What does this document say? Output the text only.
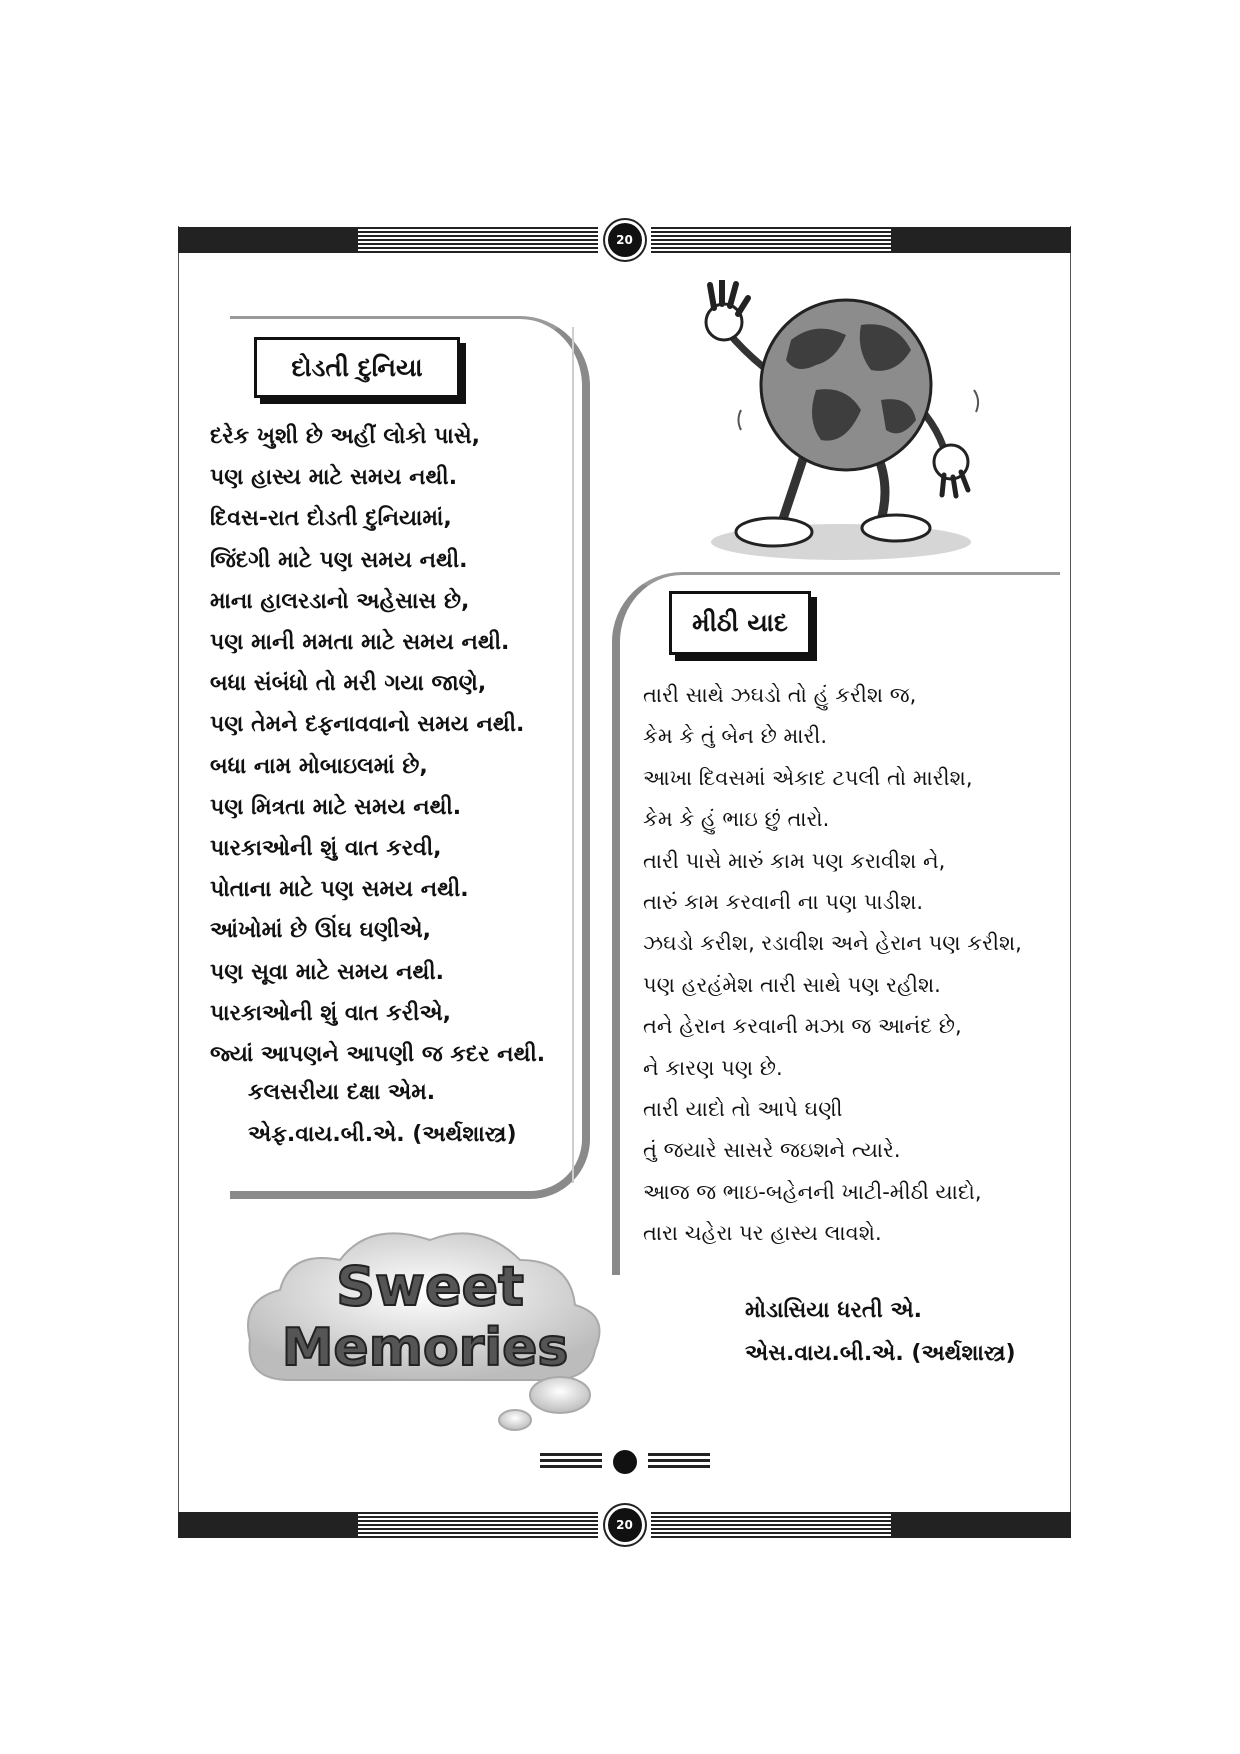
20
દોડતી દુનિયા
દરેક ખુશી છે અહીં લોકો પાસે,
પણ હાસ્ય માટે સમય નથી.
દિવસ-રાત દોડતી દુનિયામાં,
જિંદગી માટે પણ સમય નથી.
માના હાલરડાનો અહેસાસ છે,
પણ માની મમતા માટે સમય નથી.
બધા સંબંધો તો મરી ગયા જાણે,
પણ તેમને દફનાવવાનો સમય નથી.
બધા નામ મોબાઇલમાં છે,
પણ મિત્રતા માટે સમય નથી.
પારકાઓની શું વાત કરવી,
પોતાના માટે પણ સમય નથી.
આંખોમાં છે ઊંઘ ઘણીએ,
પણ સૂવા માટે સમય નથી.
પારકાઓની શું વાત કરીએ,
જ્યાં આપણને આપણી જ કદર નથી.
કલસરીયા દક્ષા એમ.
એફ.વાય.બી.એ. (અર્થશાસ્ત્ર)
મીઠી યાદ
તારી સાથે ઝઘડો તો હું કરીશ જ,
કેમ કે તું બેન છે મારી.
આખા દિવસમાં એકાદ ટપલી તો મારીશ,
કેમ કે હું ભાઇ છું તારો.
તારી પાસે મારું કામ પણ કરાવીશ ને,
તારું કામ કરવાની ના પણ પાડીશ.
ઝઘડો કરીશ, રડાવીશ અને હેરાન પણ કરીશ,
પણ હરહંમેશ તારી સાથે પણ રહીશ.
તને હેરાન કરવાની મઝા જ આનંદ છે,
ને કારણ પણ છે.
તારી યાદો તો આપે ઘણી
તું જયારે સાસરે જઇશને ત્યારે.
આજ જ ભાઇ-બહેનની ખાટી-મીઠી યાદો,
તારા ચહેરા પર હાસ્ય લાવશે.
મોડાસિયા ધરતી એ.
એસ.વાય.બી.એ. (અર્થશાસ્ત્ર)
Sweet
Memories
20
